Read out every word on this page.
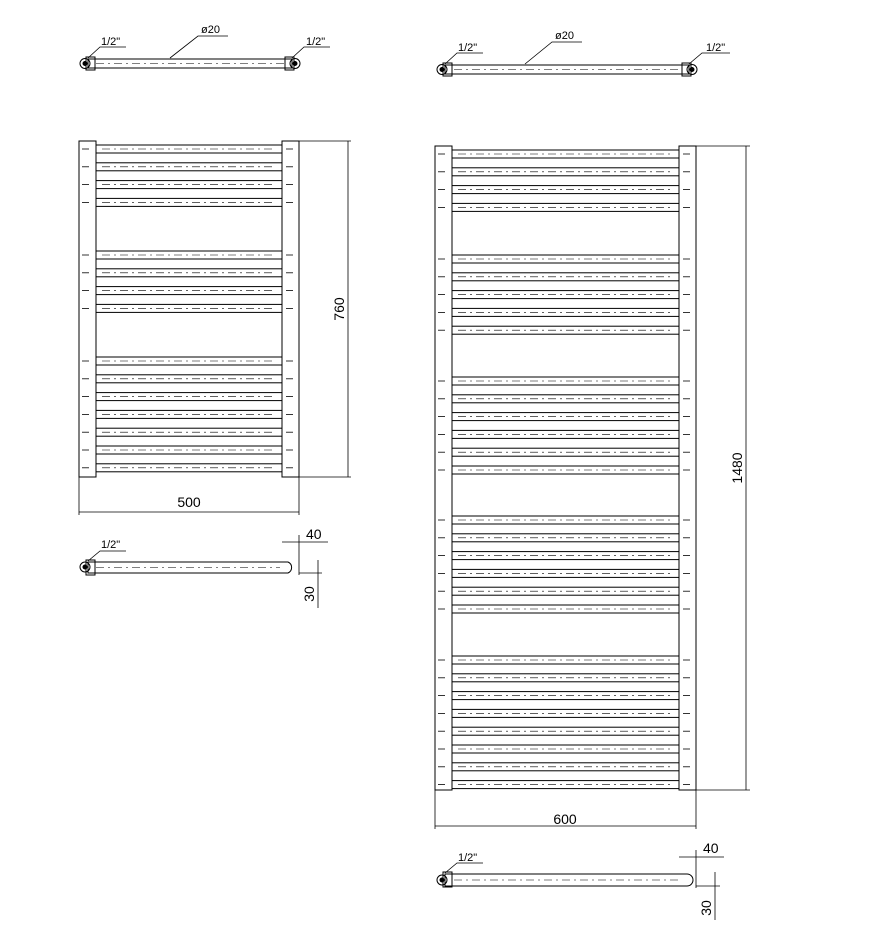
1/2"
ø20
1/2"
760
500
1/2"
40
30
1/2"
ø20
1/2"
1480
600
1/2"
40
30
